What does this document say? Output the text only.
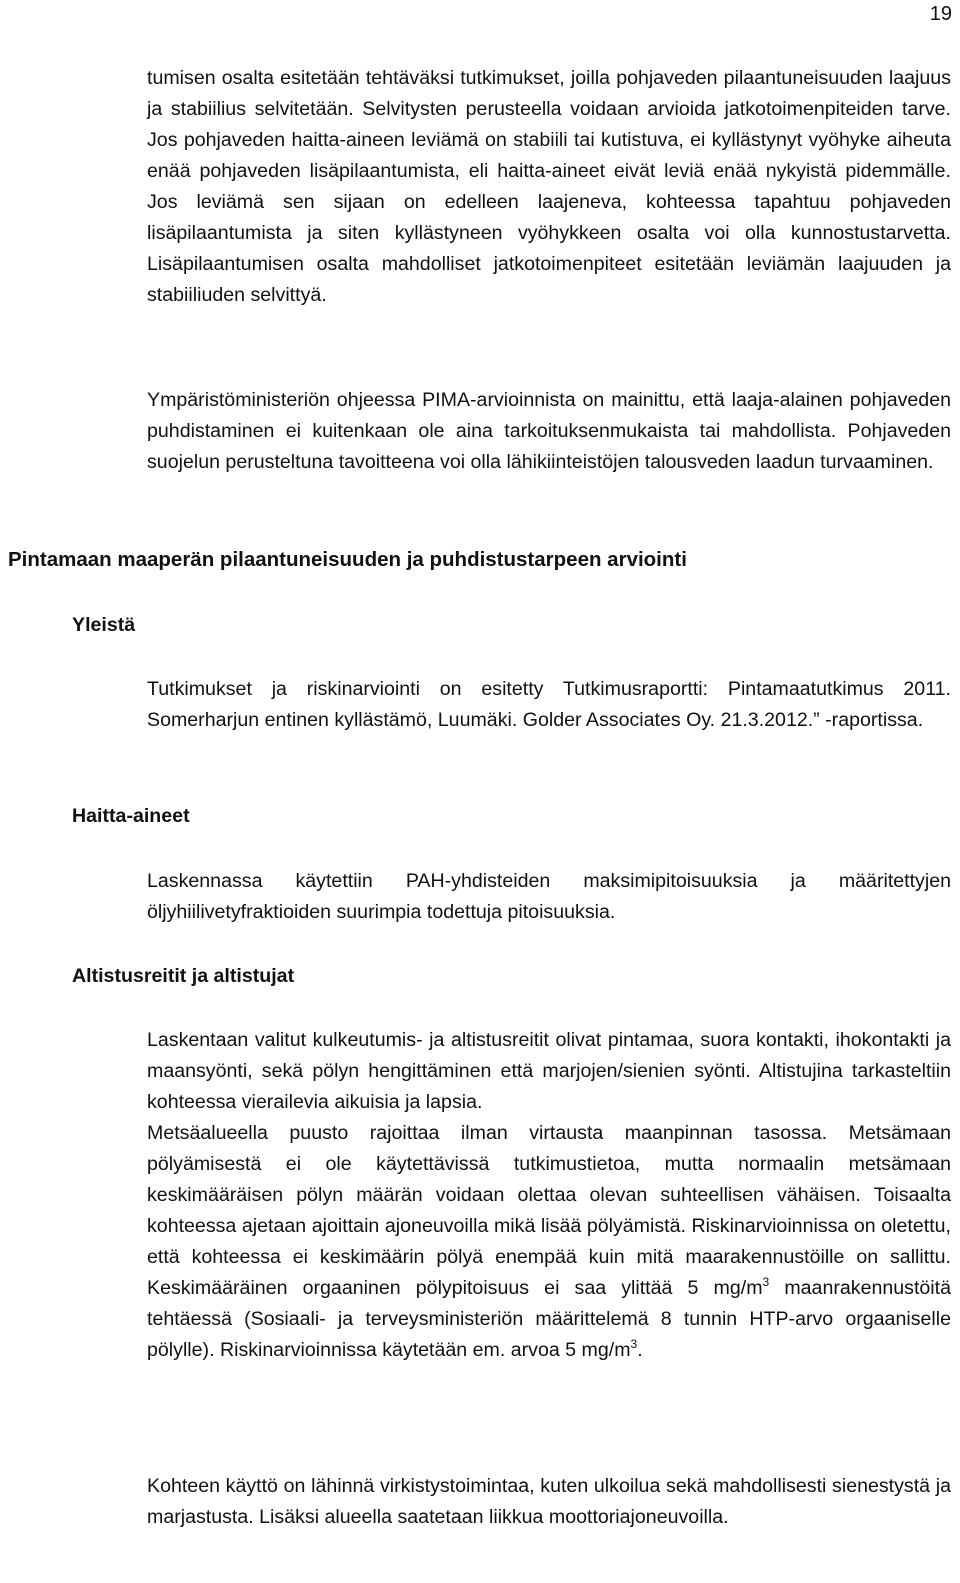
19

tumisen osalta esitetään tehtäväksi tutkimukset, joilla pohjaveden pilaantuneisuuden laajuus ja stabiilius selvitetään. Selvitysten perusteella voidaan arvioida jatkotoimenpiteiden tarve. Jos pohjaveden haitta-aineen leviämä on stabiili tai kutistuva, ei kyllästynyt vyöhyke aiheuta enää pohjaveden lisäpilaantumista, eli haitta-aineet eivät leviä enää nykyistä pidemmälle. Jos leviämä sen sijaan on edelleen laajeneva, kohteessa tapahtuu pohjaveden lisäpilaantumista ja siten kyllästyneen vyöhykkeen osalta voi olla kunnostustarvetta. Lisäpilaantumisen osalta mahdolliset jatkotoimenpiteet esitetään leviämän laajuuden ja stabiiliuden selvittyä.

Ympäristöministeriön ohjeessa PIMA-arvioinnista on mainittu, että laaja-alainen pohjaveden puhdistaminen ei kuitenkaan ole aina tarkoituksenmukaista tai mahdollista. Pohjaveden suojelun perusteltuna tavoitteena voi olla lähikiinteistöjen talousveden laadun turvaaminen.

Pintamaan maaperän pilaantuneisuuden ja puhdistustarpeen arviointi
Yleistä

Tutkimukset ja riskinarviointi on esitetty Tutkimusraportti: Pintamaatutkimus 2011. Somerharjun entinen kyllästämö, Luumäki. Golder Associates Oy. 21.3.2012.” -raportissa.

Haitta-aineet

Laskennassa käytettiin PAH-yhdisteiden maksimipitoisuuksia ja määritettyjen öljyhiilivetyfraktioiden suurimpia todettuja pitoisuuksia.

Altistusreitit ja altistujat

Laskentaan valitut kulkeutumis- ja altistusreitit olivat pintamaa, suora kontakti, ihokontakti ja maansyönti, sekä pölyn hengittäminen että marjojen/sienien syönti. Altistujina tarkasteltiin kohteessa vierailevia aikuisia ja lapsia.

Metsäalueella puusto rajoittaa ilman virtausta maanpinnan tasossa. Metsämaan pölyämisestä ei ole käytettävissä tutkimustietoa, mutta normaalin metsämaan keskimääräisen pölyn määrän voidaan olettaa olevan suhteellisen vähäisen. Toisaalta kohteessa ajetaan ajoittain ajoneuvoilla mikä lisää pölyämistä. Riskinarvioinnissa on oletettu, että kohteessa ei keskimäärin pölyä enempää kuin mitä maarakennustöille on sallittu. Keskimääräinen orgaaninen pölypitoisuus ei saa ylittää 5 $mg/m^3$ maanrakennustöitä tehtäessä (Sosiaali- ja terveysministeriön määrittelemä 8 tunnin HTP-arvo orgaaniselle pölylle). Riskinarvioinnissa käytetään em. arvoa 5 $mg/m^3$.

Kohteen käyttö on lähinnä virkistystoimintaa, kuten ulkoilua sekä mahdollisesti sienestystä ja marjastusta. Lisäksi alueella saatetaan liikkua moottoriajoneuvoilla.
